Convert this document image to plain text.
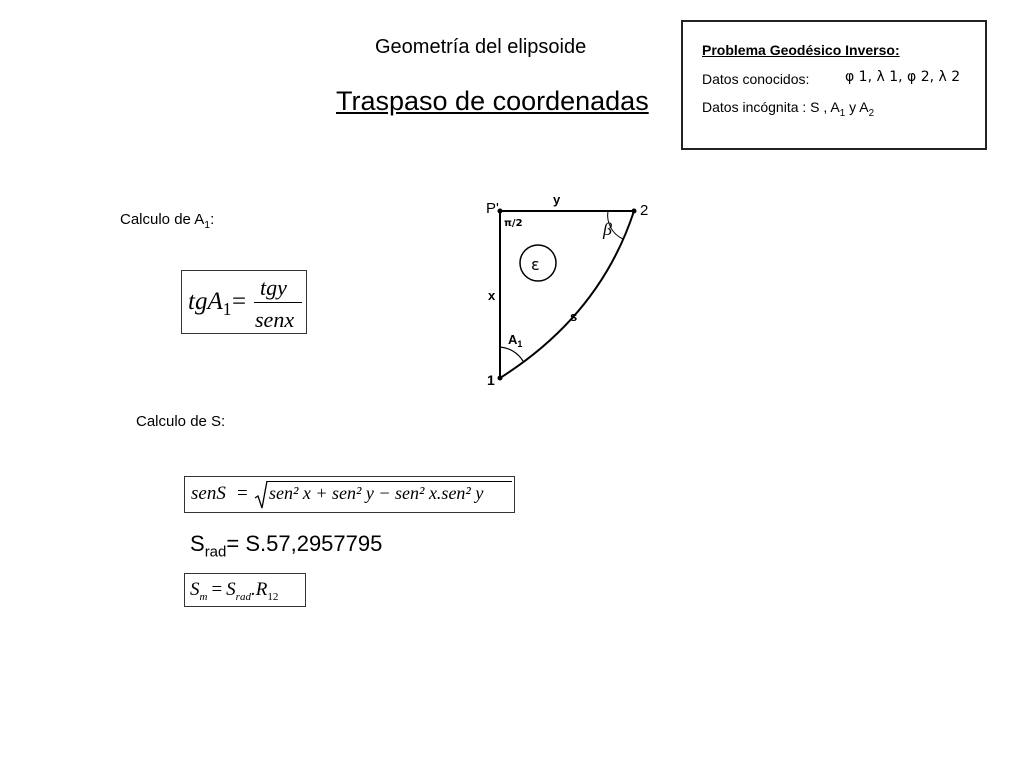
Geometría del elipsoide
Traspaso de coordenadas
Problema Geodésico Inverso:
Datos conocidos:	φ 1, λ 1, φ 2, λ 2
Datos incógnita : S , $A_1$ y $A_2$
Calculo de $A_1$:
tgA$_1$ =
tgy
senx
P'	2
1
y
x
s
π/2	β
ε
$A_1$
Calculo de S:
senS = sen² x + sen² y − sen² x.sen² y
$S_{rad}= S.57,2957795$
$S_m = S_{rad}.R_{12}$
